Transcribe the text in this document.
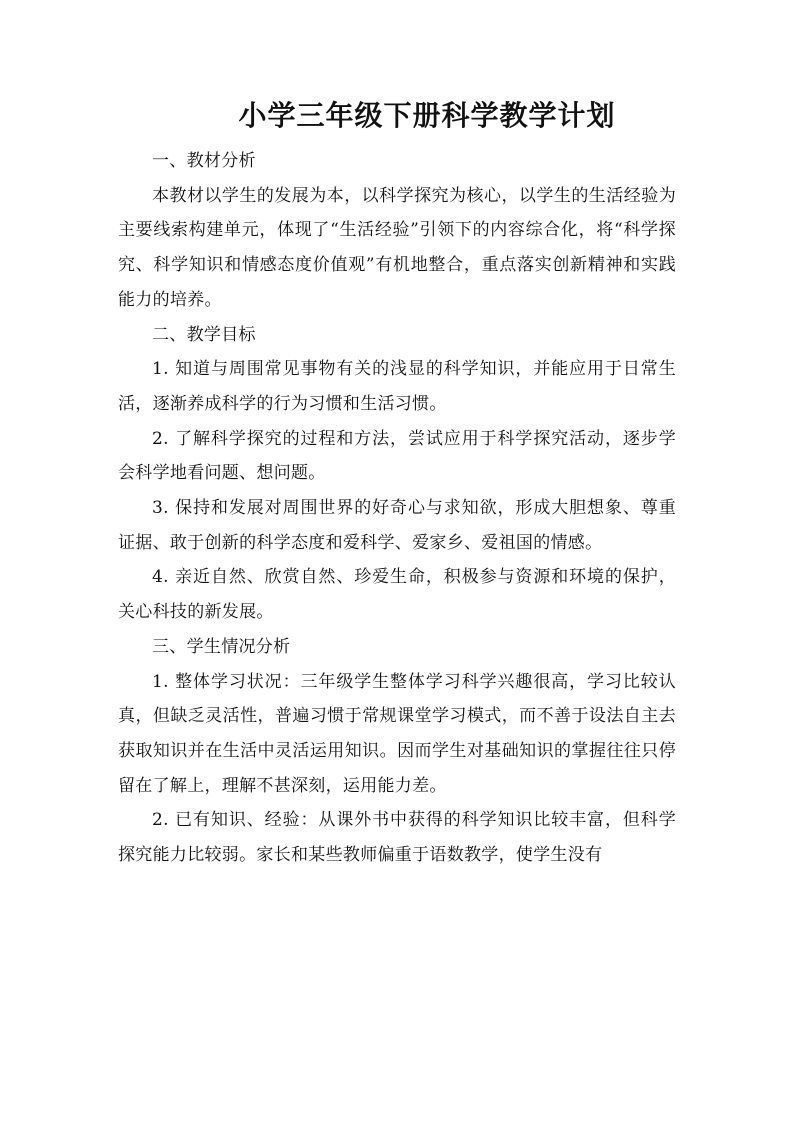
小学三年级下册科学教学计划

一、教材分析

本教材以学生的发展为本，以科学探究为核心，以学生的生活经验为主要线索构建单元，体现了“生活经验”引领下的内容综合化，将“科学探究、科学知识和情感态度价值观”有机地整合，重点落实创新精神和实践能力的培养。

二、教学目标

1. 知道与周围常见事物有关的浅显的科学知识，并能应用于日常生活，逐渐养成科学的行为习惯和生活习惯。

2. 了解科学探究的过程和方法，尝试应用于科学探究活动，逐步学会科学地看问题、想问题。

3. 保持和发展对周围世界的好奇心与求知欲，形成大胆想象、尊重证据、敢于创新的科学态度和爱科学、爱家乡、爱祖国的情感。

4. 亲近自然、欣赏自然、珍爱生命，积极参与资源和环境的保护，关心科技的新发展。

三、学生情况分析

1. 整体学习状况：三年级学生整体学习科学兴趣很高，学习比较认真，但缺乏灵活性，普遍习惯于常规课堂学习模式，而不善于设法自主去获取知识并在生活中灵活运用知识。因而学生对基础知识的掌握往往只停留在了解上，理解不甚深刻，运用能力差。

2. 已有知识、经验：从课外书中获得的科学知识比较丰富，但科学探究能力比较弱。家长和某些教师偏重于语数教学，使学生没有
